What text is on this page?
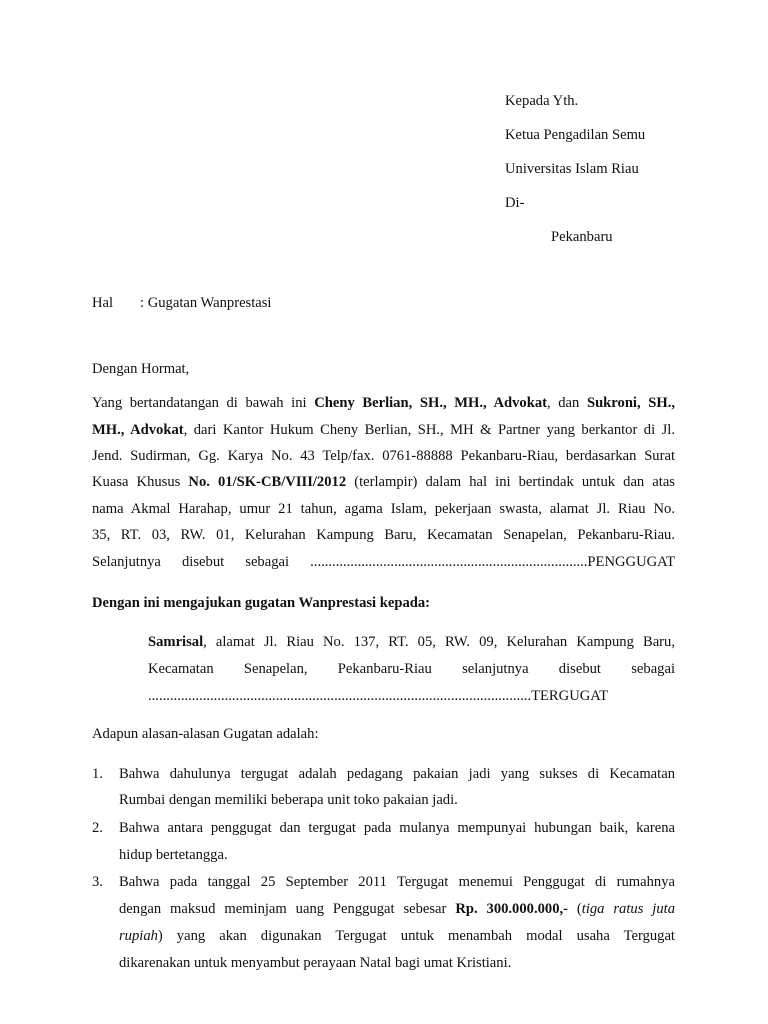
Kepada Yth.
Ketua Pengadilan Semu
Universitas Islam Riau
Di-
Pekanbaru
Hal : Gugatan Wanprestasi
Dengan Hormat,
Yang bertandatangan di bawah ini Cheny Berlian, SH., MH., Advokat, dan Sukroni, SH.,
MH., Advokat, dari Kantor Hukum Cheny Berlian, SH., MH & Partner yang berkantor di Jl.
Jend. Sudirman, Gg. Karya No. 43 Telp/fax. 0761-88888 Pekanbaru-Riau, berdasarkan Surat
Kuasa Khusus No. 01/SK-CB/VIII/2012 (terlampir) dalam hal ini bertindak untuk dan atas
nama Akmal Harahap, umur 21 tahun, agama Islam, pekerjaan swasta, alamat Jl. Riau No.
35, RT. 03, RW. 01, Kelurahan Kampung Baru, Kecamatan Senapelan, Pekanbaru-Riau.
Selanjutnya disebut sebagai ............................................................................PENGGUGAT
Dengan ini mengajukan gugatan Wanprestasi kepada:
Samrisal, alamat Jl. Riau No. 137, RT. 05, RW. 09, Kelurahan Kampung Baru,
Kecamatan Senapelan, Pekanbaru-Riau selanjutnya disebut sebagai
.........................................................................................................TERGUGAT
Adapun alasan-alasan Gugatan adalah:
1. Bahwa dahulunya tergugat adalah pedagang pakaian jadi yang sukses di Kecamatan
Rumbai dengan memiliki beberapa unit toko pakaian jadi.
2. Bahwa antara penggugat dan tergugat pada mulanya mempunyai hubungan baik, karena
hidup bertetangga.
3. Bahwa pada tanggal 25 September 2011 Tergugat menemui Penggugat di rumahnya
dengan maksud meminjam uang Penggugat sebesar Rp. 300.000.000,- (tiga ratus juta
rupiah) yang akan digunakan Tergugat untuk menambah modal usaha Tergugat
dikarenakan untuk menyambut perayaan Natal bagi umat Kristiani.
